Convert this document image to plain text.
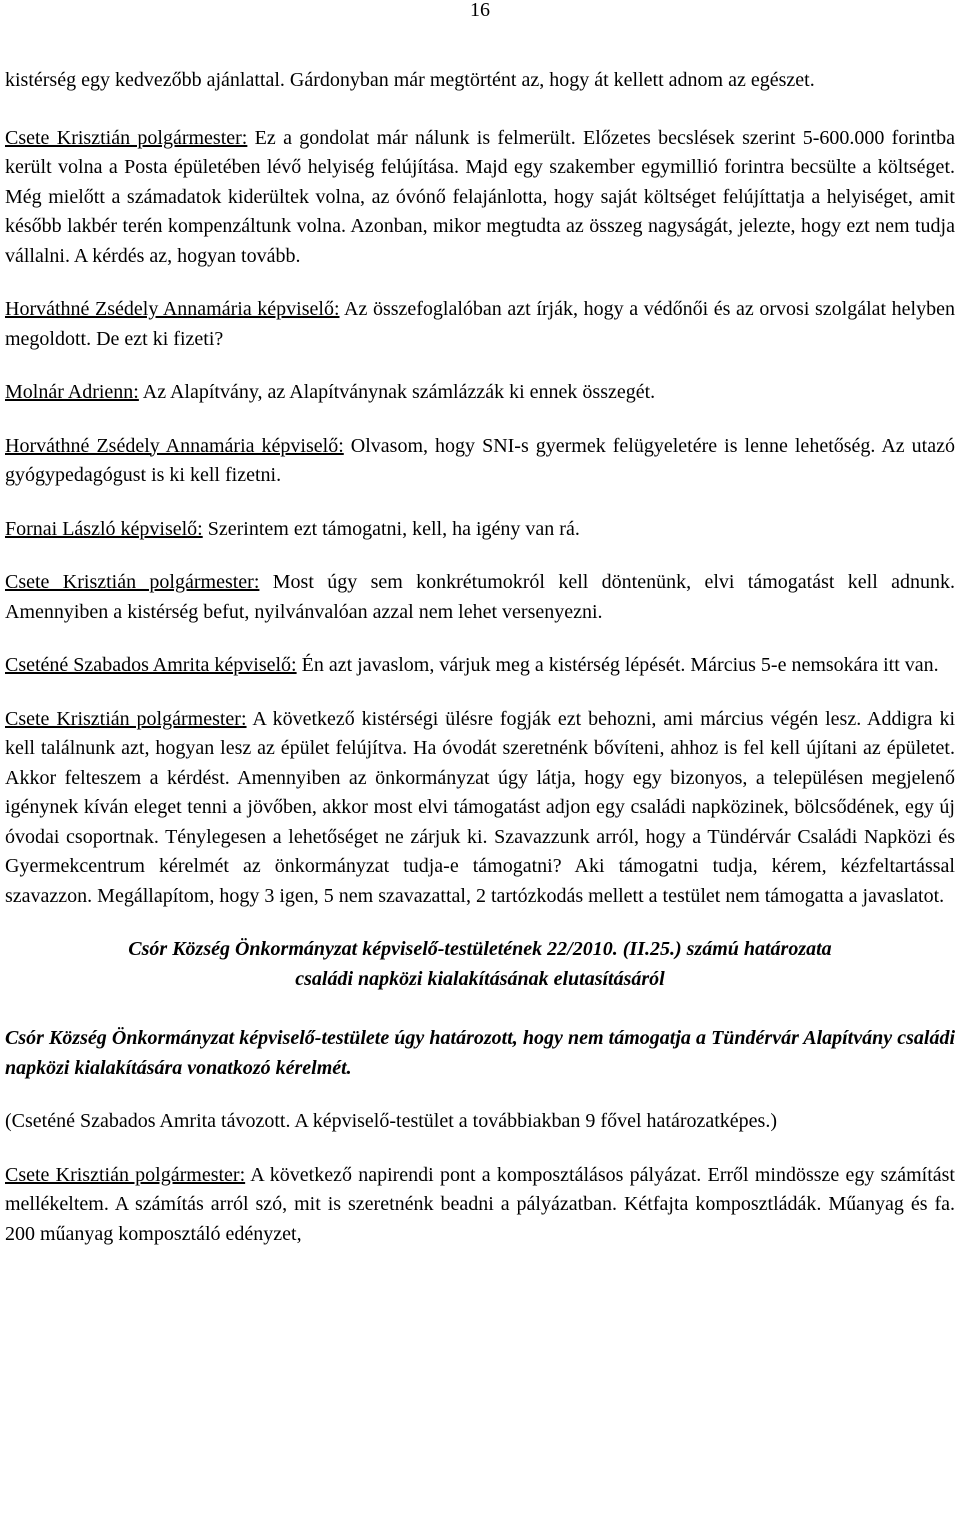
16

kistérség egy kedvezőbb ajánlattal. Gárdonyban már megtörtént az, hogy át kellett adnom az egészet.

Csete Krisztián polgármester: Ez a gondolat már nálunk is felmerült. Előzetes becslések szerint 5-600.000 forintba került volna a Posta épületében lévő helyiség felújítása. Majd egy szakember egymillió forintra becsülte a költséget. Még mielőtt a számadatok kiderültek volna, az óvónő felajánlotta, hogy saját költséget felújíttatja a helyiséget, amit később lakbér terén kompenzáltunk volna. Azonban, mikor megtudta az összeg nagyságát, jelezte, hogy ezt nem tudja vállalni. A kérdés az, hogyan tovább.

Horváthné Zsédely Annamária képviselő: Az összefoglalóban azt írják, hogy a védőnői és az orvosi szolgálat helyben megoldott. De ezt ki fizeti?

Molnár Adrienn: Az Alapítvány, az Alapítványnak számlázzák ki ennek összegét.

Horváthné Zsédely Annamária képviselő: Olvasom, hogy SNI-s gyermek felügyeletére is lenne lehetőség. Az utazó gyógypedagógust is ki kell fizetni.

Fornai László képviselő: Szerintem ezt támogatni, kell, ha igény van rá.

Csete Krisztián polgármester: Most úgy sem konkrétumokról kell döntenünk, elvi támogatást kell adnunk. Amennyiben a kistérség befut, nyilvánvalóan azzal nem lehet versenyezni.

Cseténé Szabados Amrita képviselő: Én azt javaslom, várjuk meg a kistérség lépését. Március 5-e nemsokára itt van.

Csete Krisztián polgármester: A következő kistérségi ülésre fogják ezt behozni, ami március végén lesz. Addigra ki kell találnunk azt, hogyan lesz az épület felújítva. Ha óvodát szeretnénk bővíteni, ahhoz is fel kell újítani az épületet. Akkor felteszem a kérdést. Amennyiben az önkormányzat úgy látja, hogy egy bizonyos, a településen megjelenő igénynek kíván eleget tenni a jövőben, akkor most elvi támogatást adjon egy családi napközinek, bölcsődének, egy új óvodai csoportnak. Ténylegesen a lehetőséget ne zárjuk ki. Szavazzunk arról, hogy a Tündérvár Családi Napközi és Gyermekcentrum kérelmét az önkormányzat tudja-e támogatni? Aki támogatni tudja, kérem, kézfeltartással szavazzon. Megállapítom, hogy 3 igen, 5 nem szavazattal, 2 tartózkodás mellett a testület nem támogatta a javaslatot.

Csór Község Önkormányzat képviselő-testületének 22/2010. (II.25.) számú határozata
családi napközi kialakításának elutasításáról

Csór Község Önkormányzat képviselő-testülete úgy határozott, hogy nem támogatja a Tündérvár Alapítvány családi napközi kialakítására vonatkozó kérelmét.

(Cseténé Szabados Amrita távozott. A képviselő-testület a továbbiakban 9 fővel határozatképes.)

Csete Krisztián polgármester: A következő napirendi pont a komposztálásos pályázat. Erről mindössze egy számítást mellékeltem. A számítás arról szó, mit is szeretnénk beadni a pályázatban. Kétfajta komposztládák. Műanyag és fa. 200 műanyag komposztáló edényzet,
